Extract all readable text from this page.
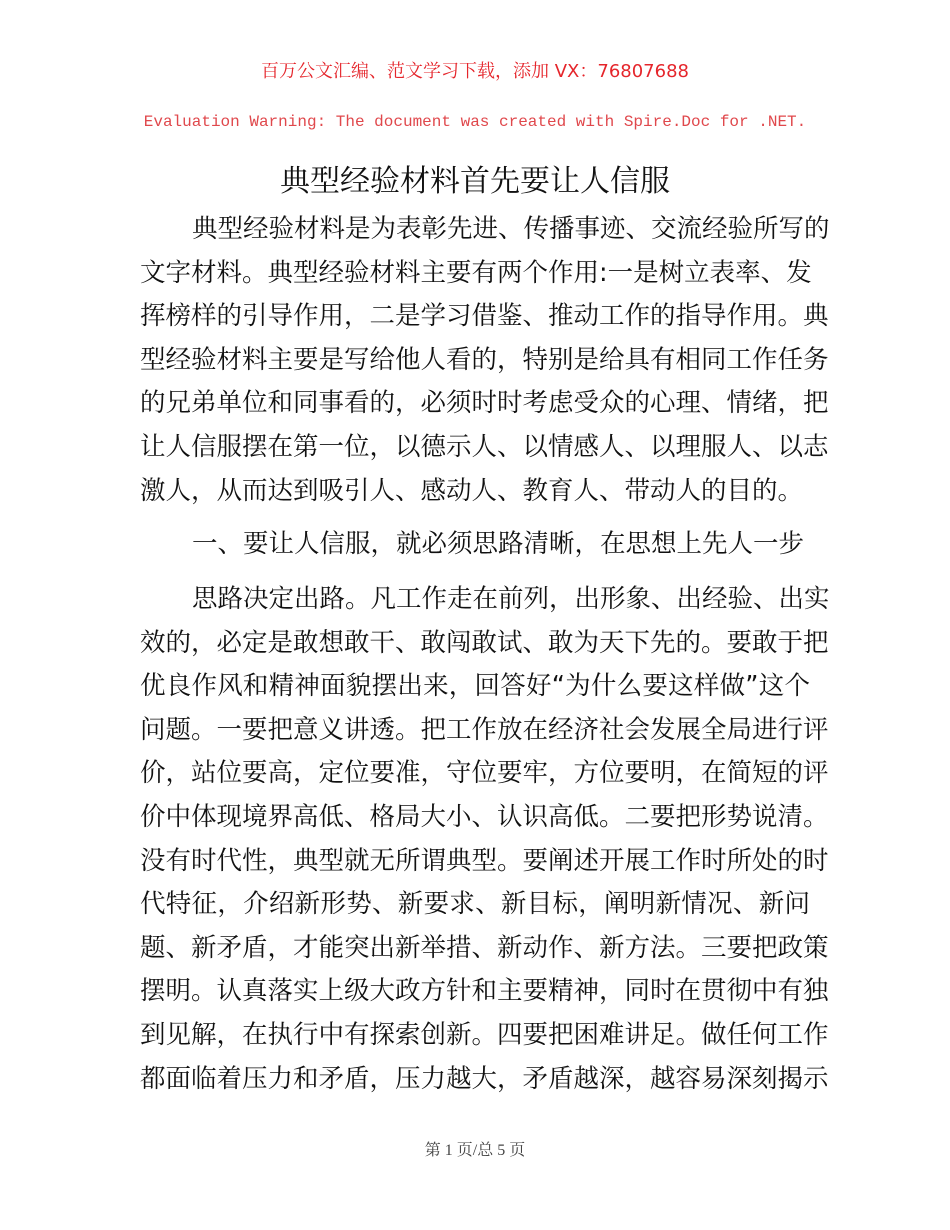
百万公文汇编、范文学习下载，添加 VX：76807688
Evaluation Warning: The document was created with Spire.Doc for .NET.
典型经验材料首先要让人信服
典型经验材料是为表彰先进、传播事迹、交流经验所写的
文字材料。典型经验材料主要有两个作用:一是树立表率、发
挥榜样的引导作用，二是学习借鉴、推动工作的指导作用。典
型经验材料主要是写给他人看的，特别是给具有相同工作任务
的兄弟单位和同事看的，必须时时考虑受众的心理、情绪，把
让人信服摆在第一位，以德示人、以情感人、以理服人、以志
激人，从而达到吸引人、感动人、教育人、带动人的目的。
一、要让人信服，就必须思路清晰，在思想上先人一步
思路决定出路。凡工作走在前列，出形象、出经验、出实
效的，必定是敢想敢干、敢闯敢试、敢为天下先的。要敢于把
优良作风和精神面貌摆出来，回答好“为什么要这样做”这个
问题。一要把意义讲透。把工作放在经济社会发展全局进行评
价，站位要高，定位要准，守位要牢，方位要明，在简短的评
价中体现境界高低、格局大小、认识高低。二要把形势说清。
没有时代性，典型就无所谓典型。要阐述开展工作时所处的时
代特征，介绍新形势、新要求、新目标，阐明新情况、新问
题、新矛盾，才能突出新举措、新动作、新方法。三要把政策
摆明。认真落实上级大政方针和主要精神，同时在贯彻中有独
到见解，在执行中有探索创新。四要把困难讲足。做任何工作
都面临着压力和矛盾，压力越大，矛盾越深，越容易深刻揭示
第 1 页/总 5 页
